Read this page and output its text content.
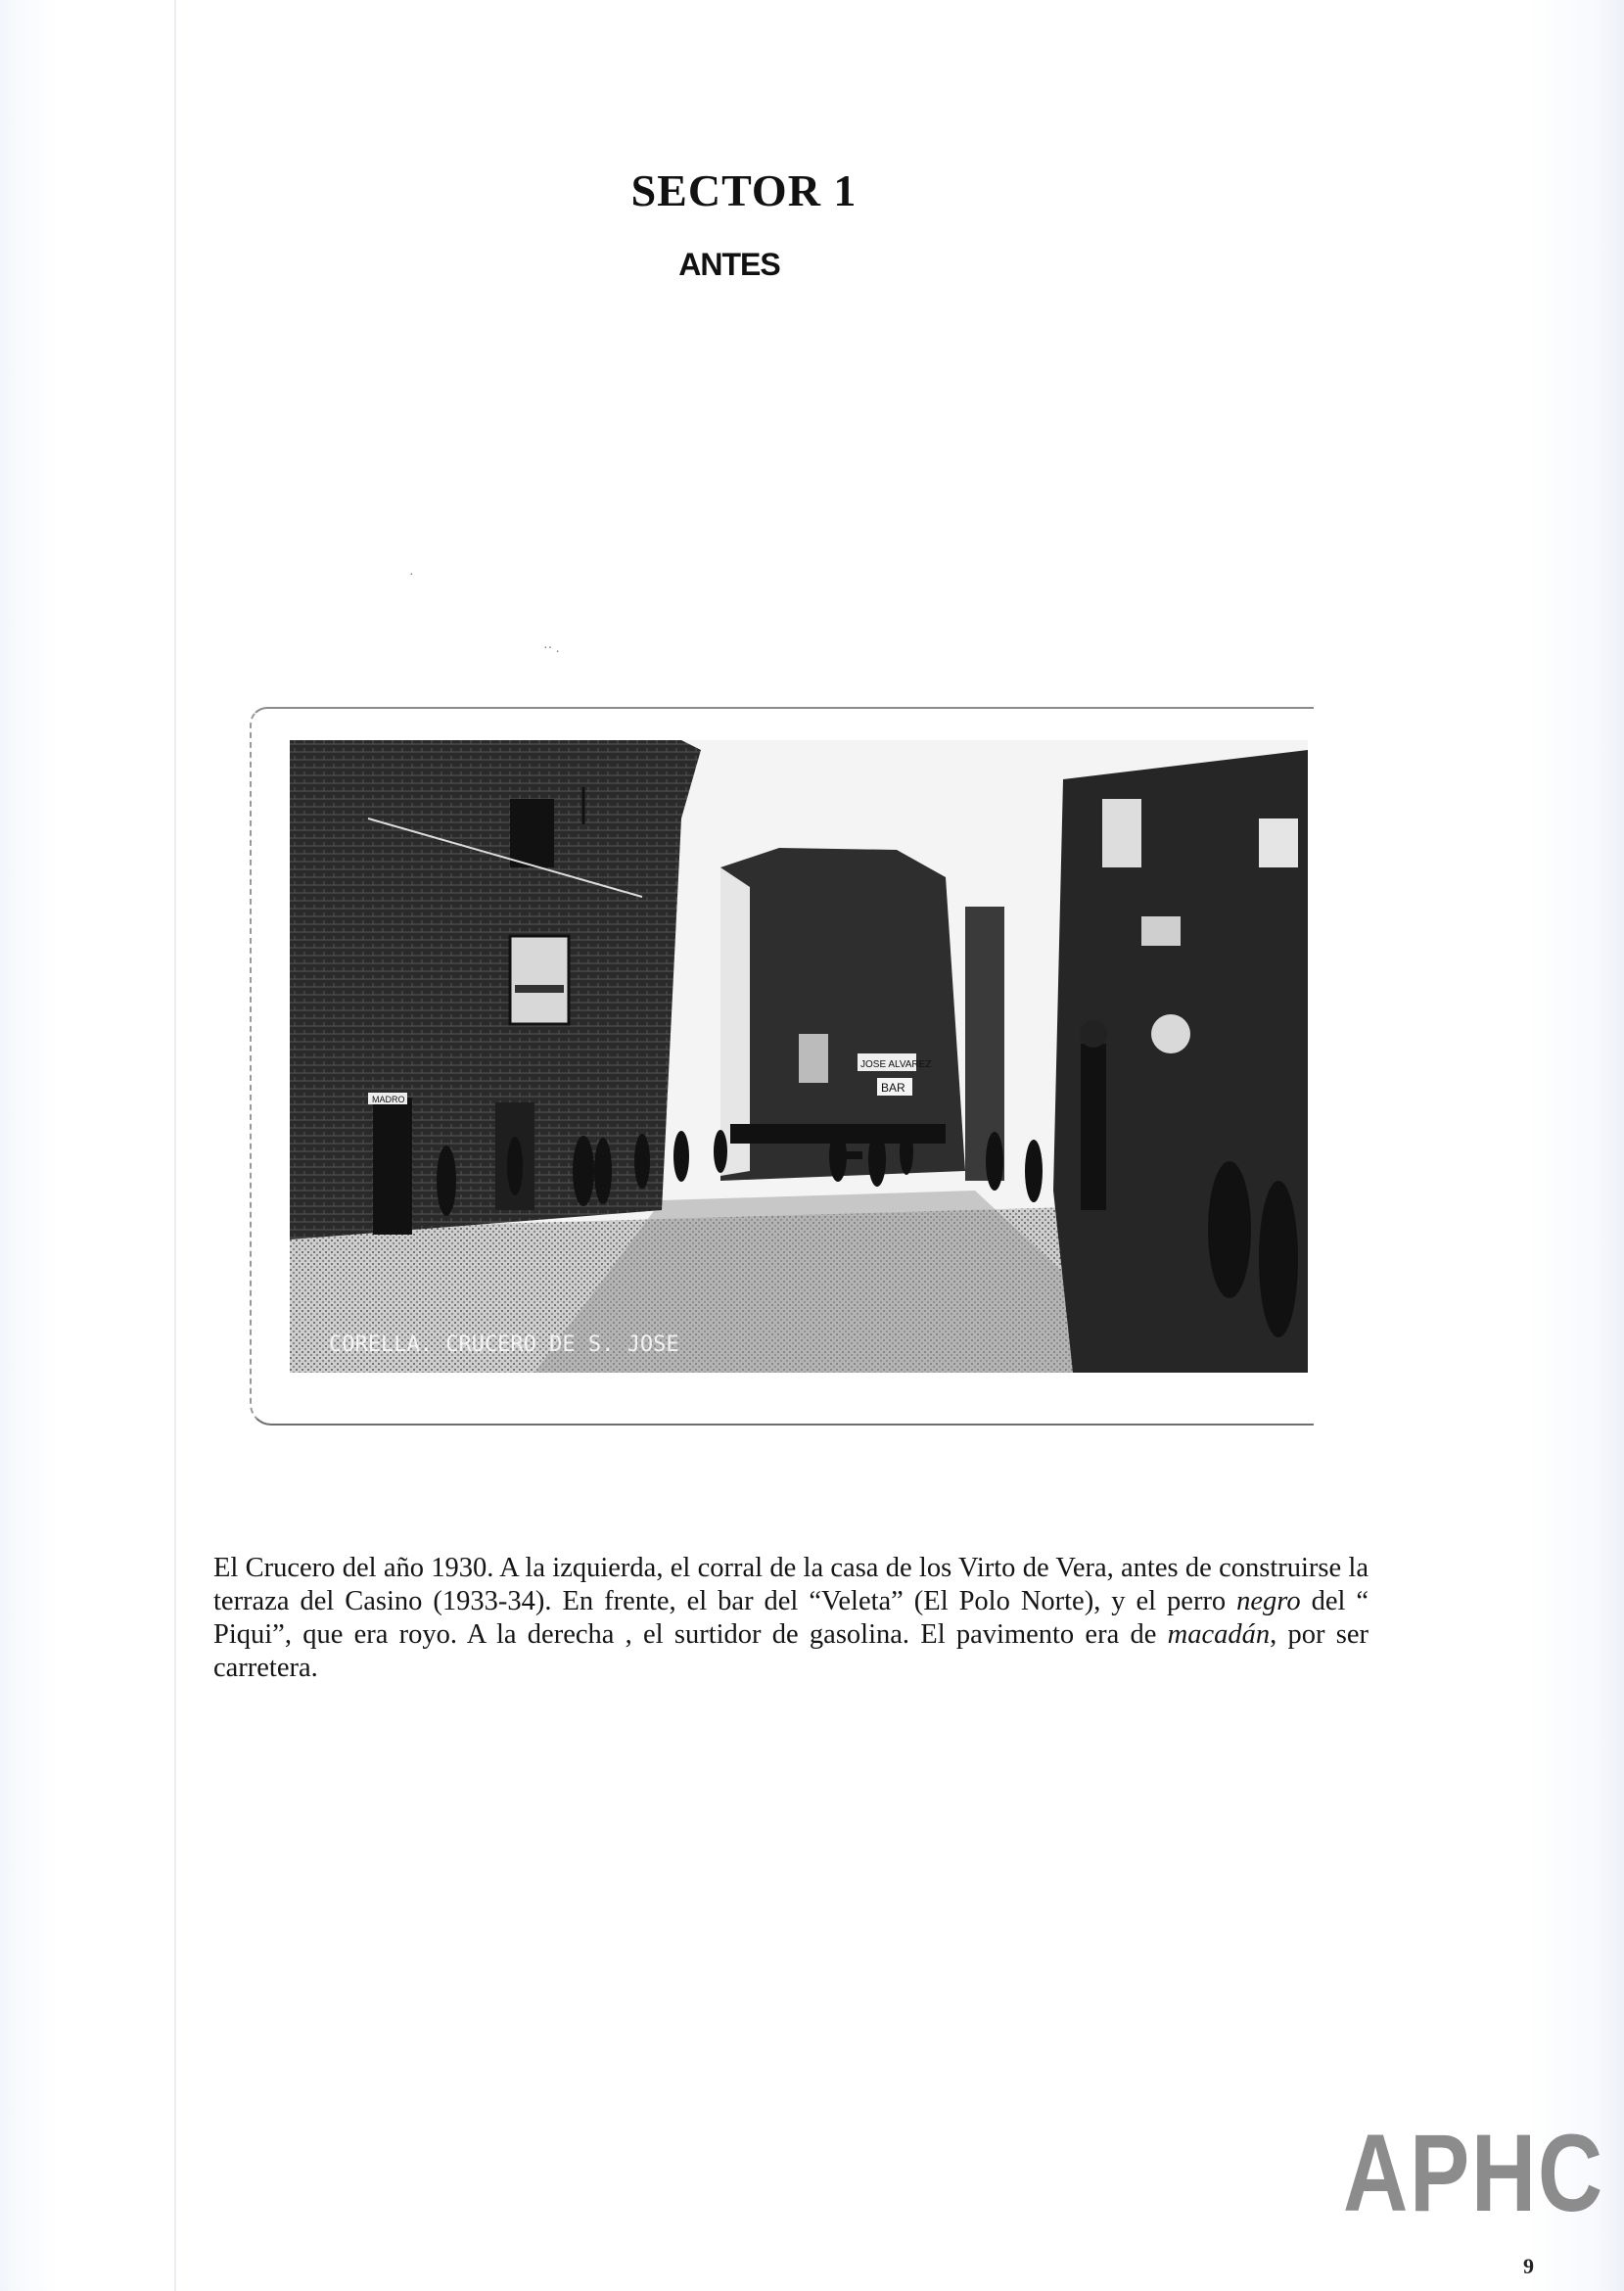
SECTOR 1
ANTES
·
·· .
JOSE ALVAREZ
BAR
MADRO
CORELLA. CRUCERO DE S. JOSE
El Crucero del año 1930. A la izquierda, el corral de la casa de los Virto de Vera, antes de construirse la terraza del Casino (1933-34). En frente, el bar del “Veleta” (El Polo Norte), y el perro negro del “ Piqui”, que era royo. A la derecha , el surtidor de gasolina. El pavimento era de macadán, por ser carretera.
APHC
9
